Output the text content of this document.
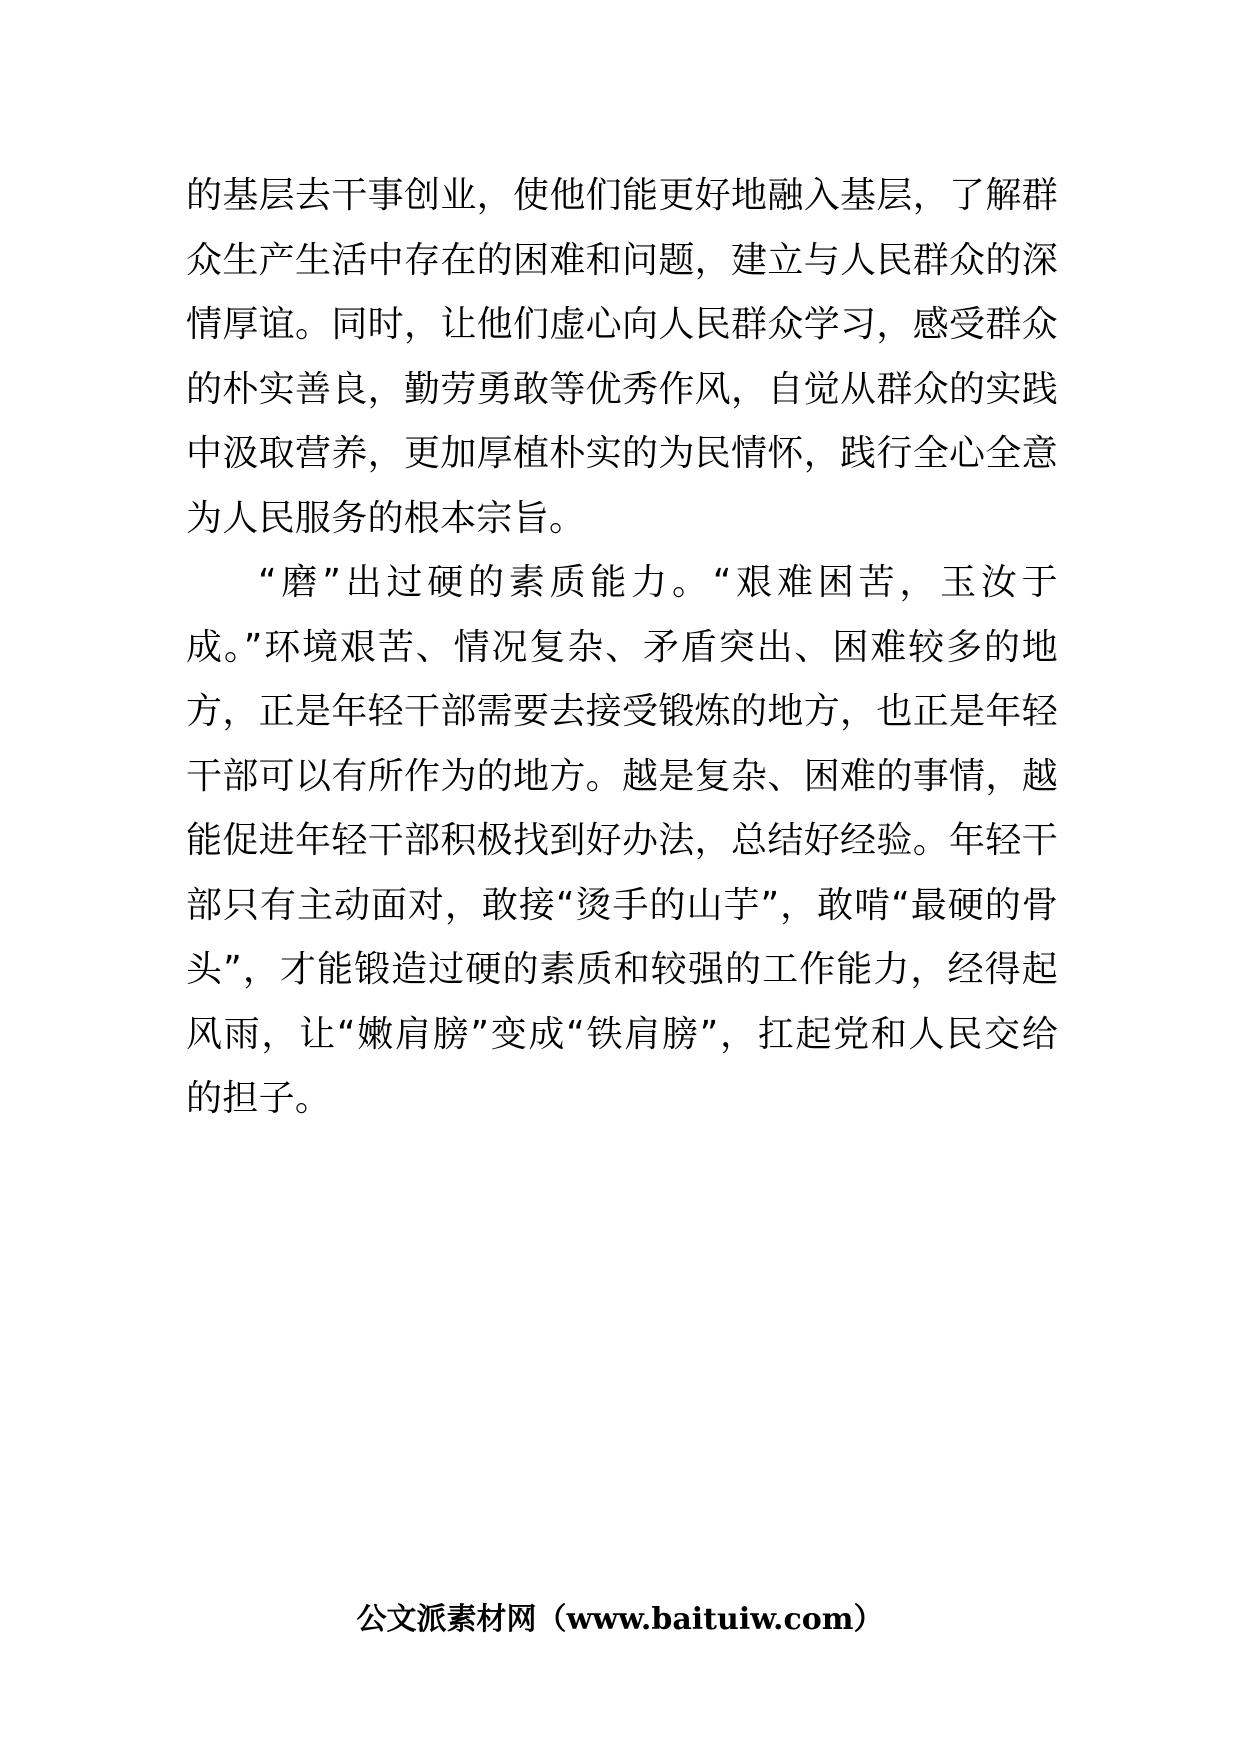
的基层去干事创业，使他们能更好地融入基层，了解群众生产生活中存在的困难和问题，建立与人民群众的深情厚谊。同时，让他们虚心向人民群众学习，感受群众的朴实善良，勤劳勇敢等优秀作风，自觉从群众的实践中汲取营养，更加厚植朴实的为民情怀，践行全心全意为人民服务的根本宗旨。

“磨”出过硬的素质能力。“艰难困苦，玉汝于成。”环境艰苦、情况复杂、矛盾突出、困难较多的地方，正是年轻干部需要去接受锻炼的地方，也正是年轻干部可以有所作为的地方。越是复杂、困难的事情，越能促进年轻干部积极找到好办法，总结好经验。年轻干部只有主动面对，敢接“烫手的山芋”，敢啃“最硬的骨头”，才能锻造过硬的素质和较强的工作能力，经得起风雨，让“嫩肩膀”变成“铁肩膀”，扛起党和人民交给的担子。

公文派素材网（www.baituiw.com）
